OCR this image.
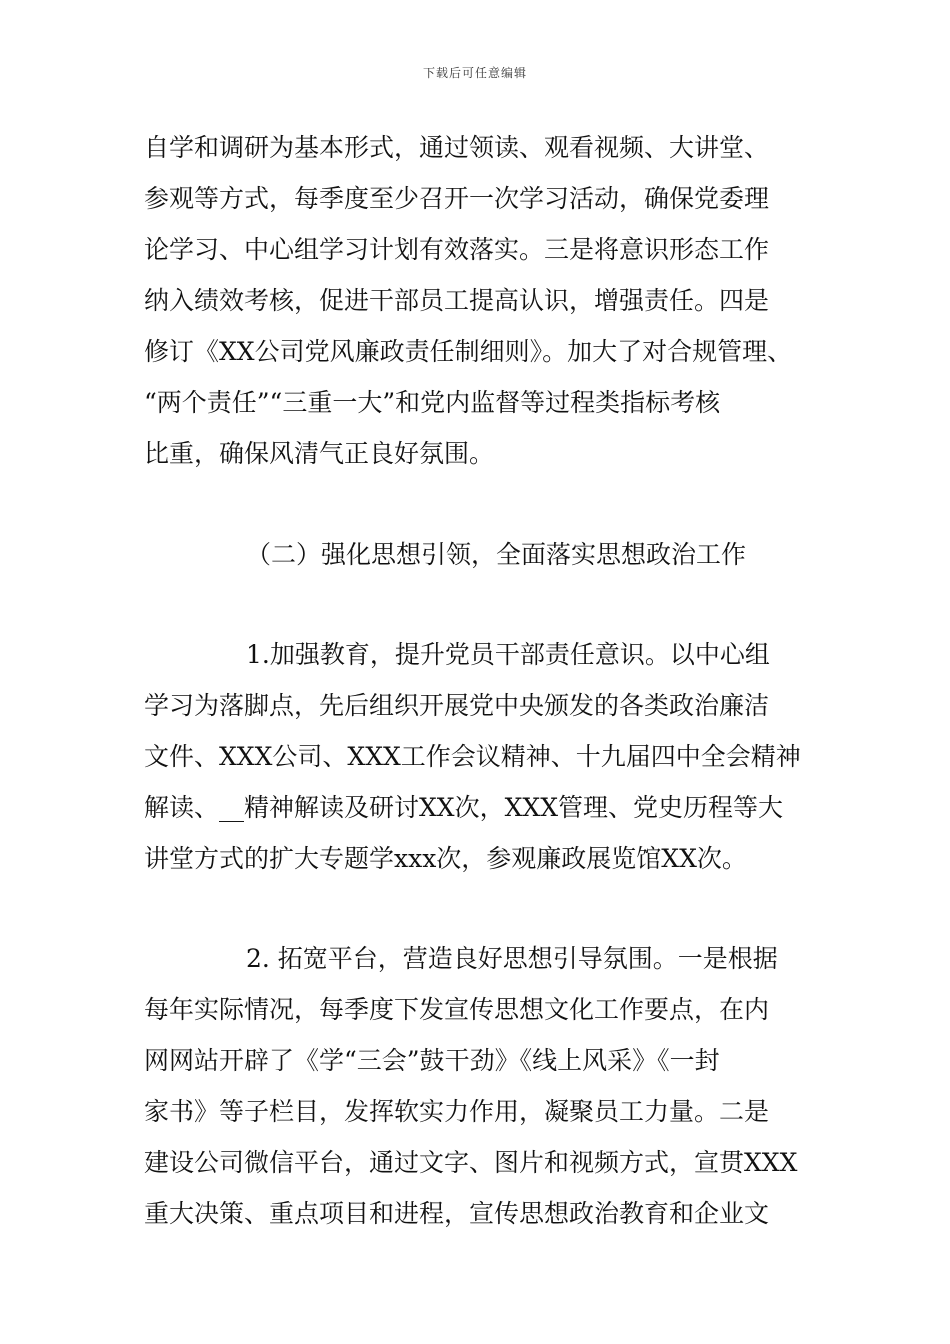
下载后可任意编辑
自学和调研为基本形式，通过领读、观看视频、大讲堂、
参观等方式，每季度至少召开一次学习活动，确保党委理
论学习、中心组学习计划有效落实。三是将意识形态工作
纳入绩效考核，促进干部员工提高认识，增强责任。四是
修订《XX公司党风廉政责任制细则》。加大了对合规管理、
“两个责任”“三重一大”和党内监督等过程类指标考核
比重，确保风清气正良好氛围。
（二）强化思想引领，全面落实思想政治工作
1.加强教育，提升党员干部责任意识。以中心组
学习为落脚点，先后组织开展党中央颁发的各类政治廉洁
文件、XXX公司、XXX工作会议精神、十九届四中全会精神
解读、__精神解读及研讨XX次，XXX管理、党史历程等大
讲堂方式的扩大专题学xxx次，参观廉政展览馆XX次。
2. 拓宽平台，营造良好思想引导氛围。一是根据
每年实际情况，每季度下发宣传思想文化工作要点，在内
网网站开辟了《学“三会”鼓干劲》《线上风采》《一封
家书》等子栏目，发挥软实力作用，凝聚员工力量。二是
建设公司微信平台，通过文字、图片和视频方式，宣贯XXX
重大决策、重点项目和进程，宣传思想政治教育和企业文
